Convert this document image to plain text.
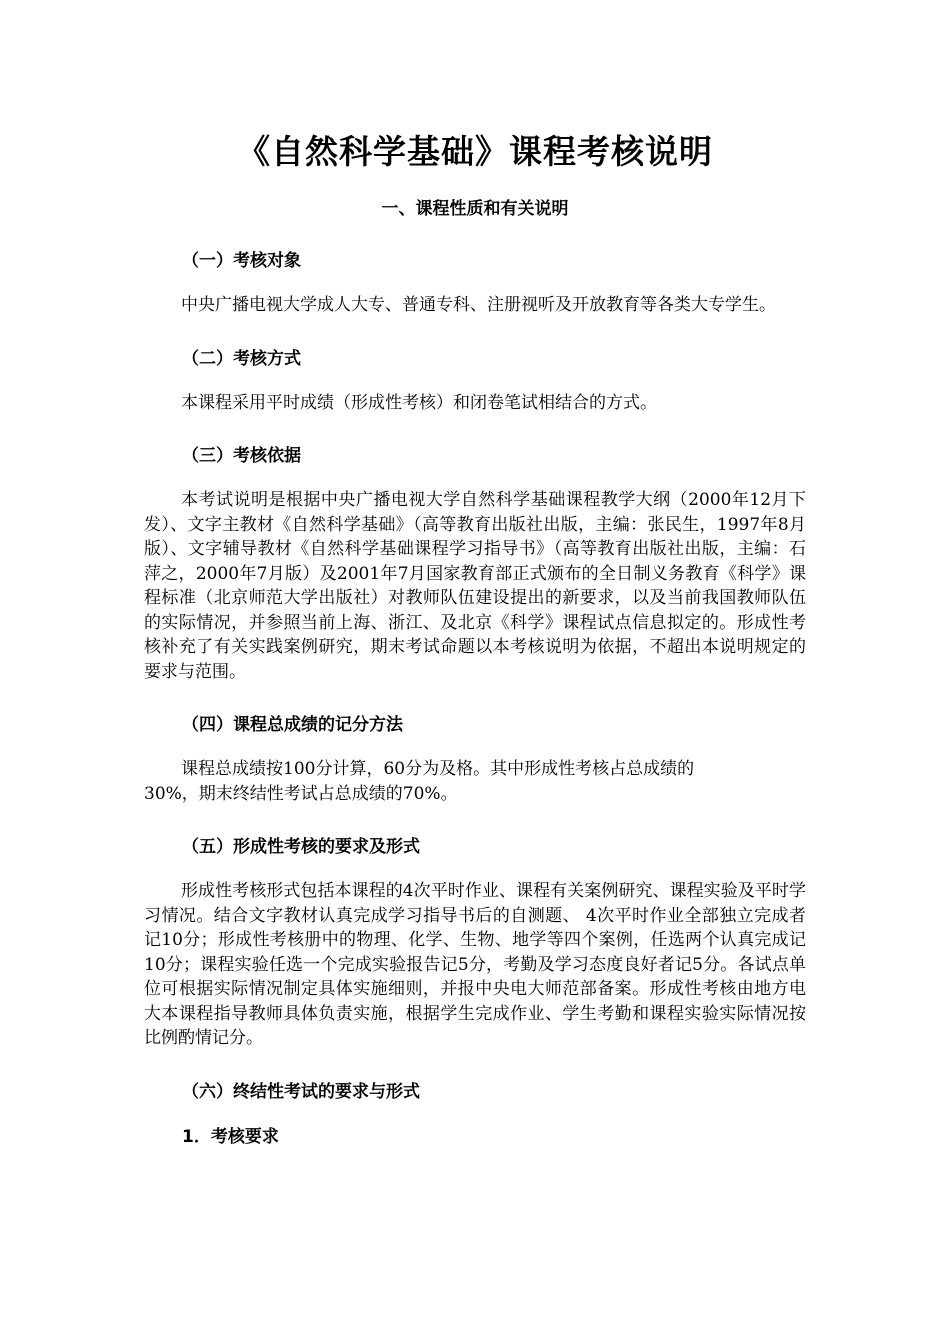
《自然科学基础》课程考核说明
一、课程性质和有关说明
（一）考核对象

中央广播电视大学成人大专、普通专科、注册视听及开放教育等各类大专学生。

（二）考核方式

本课程采用平时成绩（形成性考核）和闭卷笔试相结合的方式。

（三）考核依据

本考试说明是根据中央广播电视大学自然科学基础课程教学大纲（2000年12月下发）、文字主教材《自然科学基础》（高等教育出版社出版，主编：张民生，1997年8月版）、文字辅导教材《自然科学基础课程学习指导书》（高等教育出版社出版，主编：石萍之，2000年7月版）及2001年7月国家教育部正式颁布的全日制义务教育《科学》课程标准（北京师范大学出版社）对教师队伍建设提出的新要求，以及当前我国教师队伍的实际情况，并参照当前上海、浙江、及北京《科学》课程试点信息拟定的。形成性考核补充了有关实践案例研究，期末考试命题以本考核说明为依据，不超出本说明规定的要求与范围。

（四）课程总成绩的记分方法

课程总成绩按100分计算，60分为及格。其中形成性考核占总成绩的
30%，期末终结性考试占总成绩的70%。

（五）形成性考核的要求及形式

形成性考核形式包括本课程的4次平时作业、课程有关案例研究、课程实验及平时学习情况。结合文字教材认真完成学习指导书后的自测题、 4次平时作业全部独立完成者记10分；形成性考核册中的物理、化学、生物、地学等四个案例，任选两个认真完成记10分；课程实验任选一个完成实验报告记5分，考勤及学习态度良好者记5分。各试点单位可根据实际情况制定具体实施细则，并报中央电大师范部备案。形成性考核由地方电大本课程指导教师具体负责实施，根据学生完成作业、学生考勤和课程实验实际情况按比例酌情记分。

（六）终结性考试的要求与形式
1．考核要求
